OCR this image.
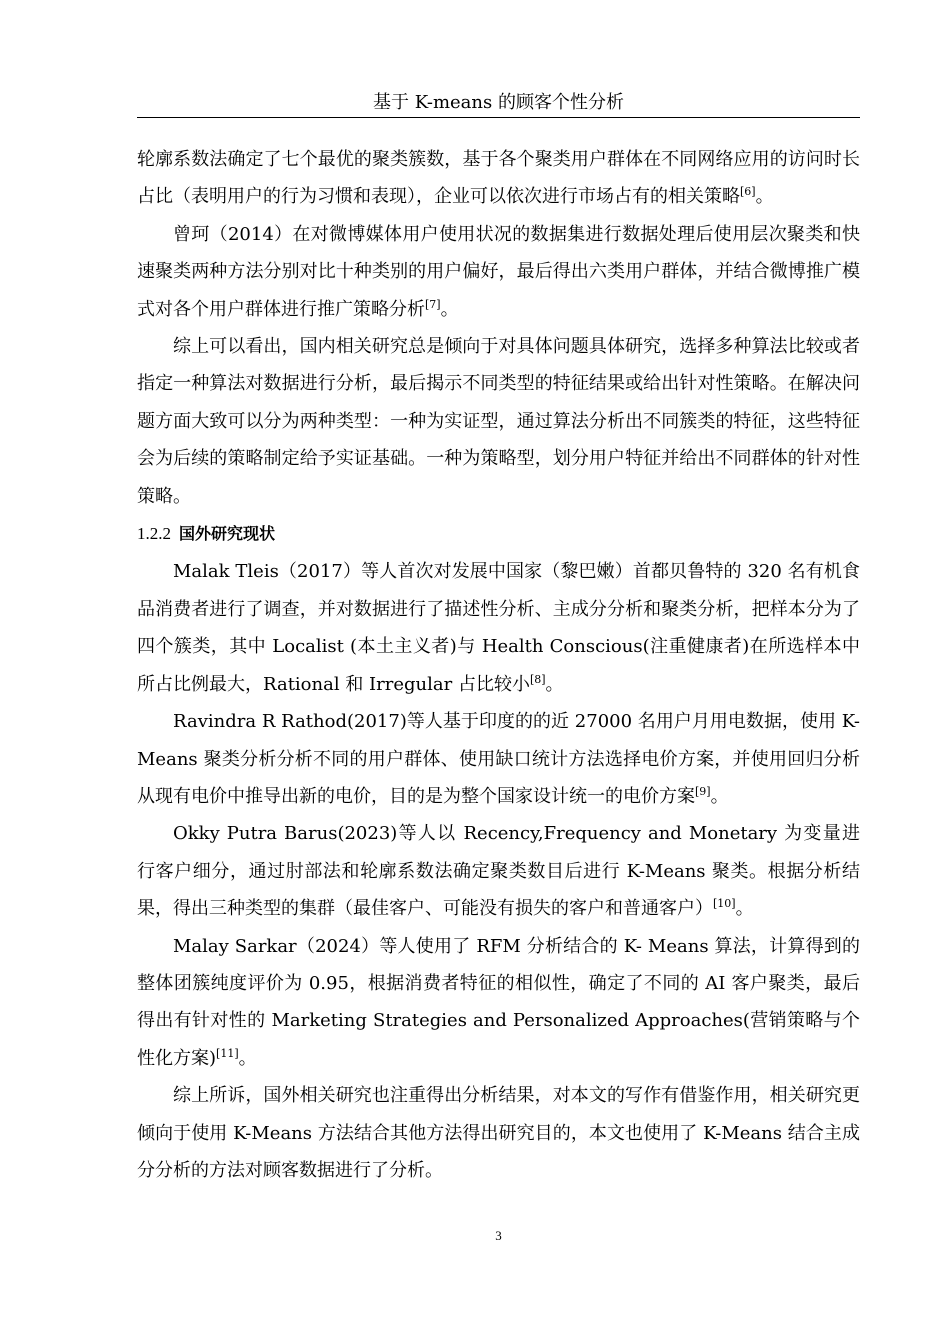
基于 K-means 的顾客个性分析

轮廓系数法确定了七个最优的聚类簇数，基于各个聚类用户群体在不同网络应用的访问时长占比（表明用户的行为习惯和表现），企业可以依次进行市场占有的相关策略[6]。

曾珂（2014）在对微博媒体用户使用状况的数据集进行数据处理后使用层次聚类和快速聚类两种方法分别对比十种类别的用户偏好，最后得出六类用户群体，并结合微博推广模式对各个用户群体进行推广策略分析[7]。

综上可以看出，国内相关研究总是倾向于对具体问题具体研究，选择多种算法比较或者指定一种算法对数据进行分析，最后揭示不同类型的特征结果或给出针对性策略。在解决问题方面大致可以分为两种类型：一种为实证型，通过算法分析出不同簇类的特征，这些特征会为后续的策略制定给予实证基础。一种为策略型，划分用户特征并给出不同群体的针对性策略。

1.2.2 国外研究现状

Malak Tleis（2017）等人首次对发展中国家（黎巴嫩）首都贝鲁特的 320 名有机食品消费者进行了调查，并对数据进行了描述性分析、主成分分析和聚类分析，把样本分为了四个簇类，其中 Localist (本土主义者)与 Health Conscious(注重健康者)在所选样本中所占比例最大，Rational 和 Irregular 占比较小[8]。

Ravindra R Rathod(2017)等人基于印度的的近 27000 名用户月用电数据，使用 K-Means 聚类分析分析不同的用户群体、使用缺口统计方法选择电价方案，并使用回归分析从现有电价中推导出新的电价，目的是为整个国家设计统一的电价方案[9]。

Okky Putra Barus(2023)等人以 Recency,Frequency and Monetary 为变量进行客户细分，通过肘部法和轮廓系数法确定聚类数目后进行 K-Means 聚类。根据分析结果，得出三种类型的集群（最佳客户、可能没有损失的客户和普通客户）[10]。

Malay Sarkar（2024）等人使用了 RFM 分析结合的 K- Means 算法，计算得到的整体团簇纯度评价为 0.95，根据消费者特征的相似性，确定了不同的 AI 客户聚类，最后得出有针对性的 Marketing Strategies and Personalized Approaches(营销策略与个性化方案)[11]。

综上所诉，国外相关研究也注重得出分析结果，对本文的写作有借鉴作用，相关研究更倾向于使用 K-Means 方法结合其他方法得出研究目的，本文也使用了 K-Means 结合主成分分析的方法对顾客数据进行了分析。

3
